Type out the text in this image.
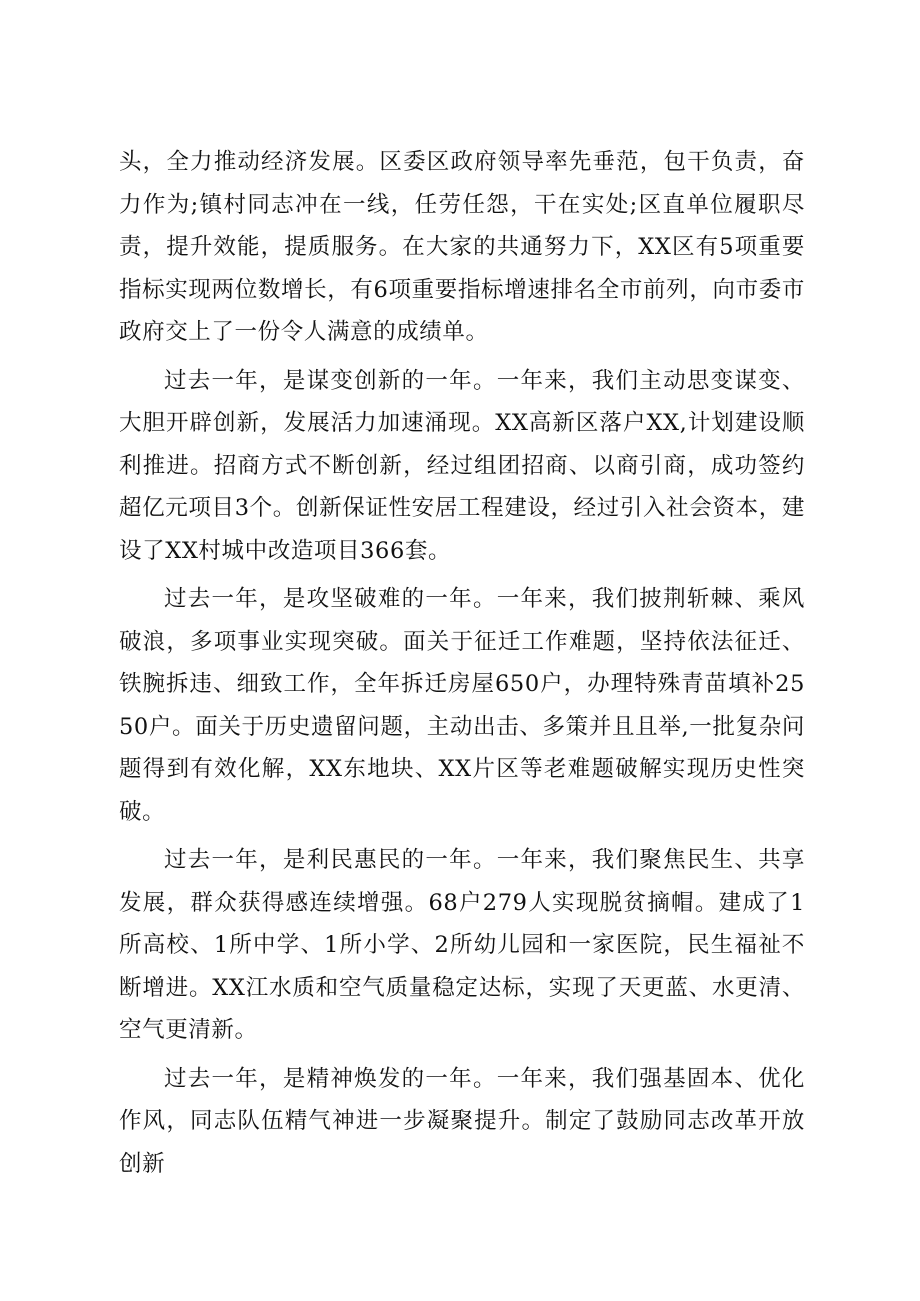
头，全力推动经济发展。区委区政府领导率先垂范，包干负责，奋力作为;镇村同志冲在一线，任劳任怨，干在实处;区直单位履职尽责，提升效能，提质服务。在大家的共通努力下，XX区有5项重要指标实现两位数增长，有6项重要指标增速排名全市前列，向市委市政府交上了一份令人满意的成绩单。

过去一年，是谋变创新的一年。一年来，我们主动思变谋变、大胆开辟创新，发展活力加速涌现。XX高新区落户XX,计划建设顺利推进。招商方式不断创新，经过组团招商、以商引商，成功签约超亿元项目3个。创新保证性安居工程建设，经过引入社会资本，建设了XX村城中改造项目366套。

过去一年，是攻坚破难的一年。一年来，我们披荆斩棘、乘风破浪，多项事业实现突破。面关于征迁工作难题，坚持依法征迁、铁腕拆违、细致工作，全年拆迁房屋650户，办理特殊青苗填补2550户。面关于历史遗留问题，主动出击、多策并且且举,一批复杂问题得到有效化解，XX东地块、XX片区等老难题破解实现历史性突破。

过去一年，是利民惠民的一年。一年来，我们聚焦民生、共享发展，群众获得感连续增强。68户279人实现脱贫摘帽。建成了1所高校、1所中学、1所小学、2所幼儿园和一家医院，民生福祉不断增进。XX江水质和空气质量稳定达标，实现了天更蓝、水更清、空气更清新。

过去一年，是精神焕发的一年。一年来，我们强基固本、优化作风，同志队伍精气神进一步凝聚提升。制定了鼓励同志改革开放创新
